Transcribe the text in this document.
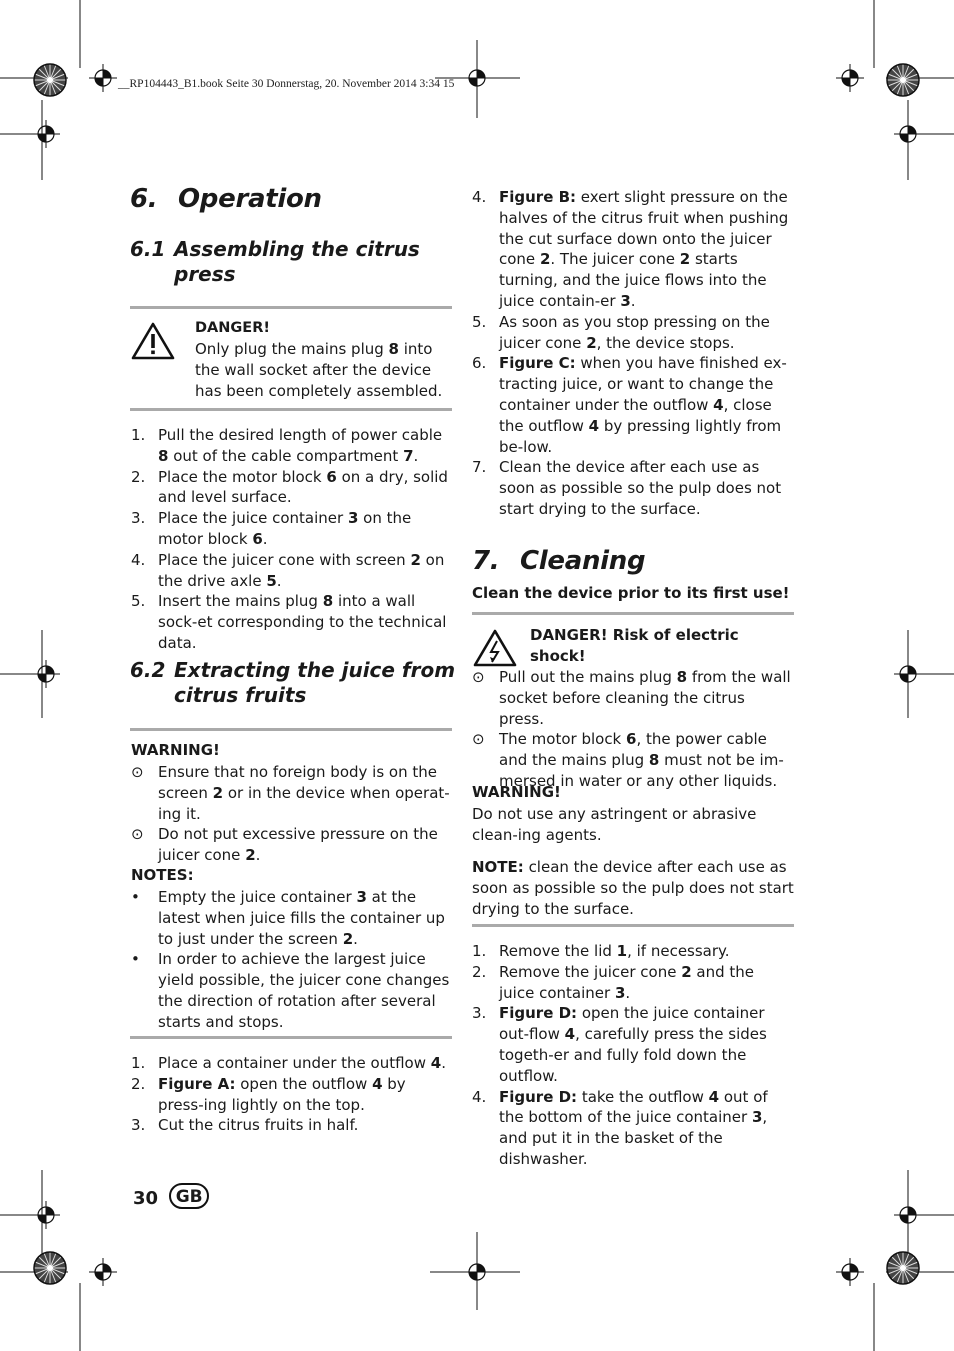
__RP104443_B1.book Seite 30 Donnerstag, 20. November 2014 3:34 15
6. Operation
6.1 Assembling the citrus
press
DANGER!
Only plug the mains plug 8 into the wall socket after the device has been completely assembled.
1. Pull the desired length of power cable 8 out of the cable compartment 7.
2. Place the motor block 6 on a dry, solid and level surface.
3. Place the juice container 3 on the motor block 6.
4. Place the juicer cone with screen 2 on the drive axle 5.
5. Insert the mains plug 8 into a wall sock-et corresponding to the technical data.
6.2 Extracting the juice from
citrus fruits
WARNING!
⊙ Ensure that no foreign body is on the screen 2 or in the device when operat-ing it.
⊙ Do not put excessive pressure on the juicer cone 2.
NOTES:
• Empty the juice container 3 at the latest when juice fills the container up to just under the screen 2.
• In order to achieve the largest juice yield possible, the juicer cone changes the direction of rotation after several starts and stops.
1. Place a container under the outflow 4.
2. Figure A: open the outflow 4 by press-ing lightly on the top.
3. Cut the citrus fruits in half.
4. Figure B: exert slight pressure on the halves of the citrus fruit when pushing the cut surface down onto the juicer cone 2. The juicer cone 2 starts turning, and the juice flows into the juice contain-er 3.
5. As soon as you stop pressing on the juicer cone 2, the device stops.
6. Figure C: when you have finished ex-tracting juice, or want to change the container under the outflow 4, close the outflow 4 by pressing lightly from be-low.
7. Clean the device after each use as soon as possible so the pulp does not start drying to the surface.
7. Cleaning
Clean the device prior to its first use!
DANGER! Risk of electric shock!
⊙ Pull out the mains plug 8 from the wall socket before cleaning the citrus press.
⊙ The motor block 6, the power cable and the mains plug 8 must not be im-mersed in water or any other liquids.
WARNING!
Do not use any astringent or abrasive clean-ing agents.
NOTE: clean the device after each use as soon as possible so the pulp does not start drying to the surface.
1. Remove the lid 1, if necessary.
2. Remove the juicer cone 2 and the juice container 3.
3. Figure D: open the juice container out-flow 4, carefully press the sides togeth-er and fully fold down the outflow.
4. Figure D: take the outflow 4 out of the bottom of the juice container 3, and put it in the basket of the dishwasher.
30 GB
